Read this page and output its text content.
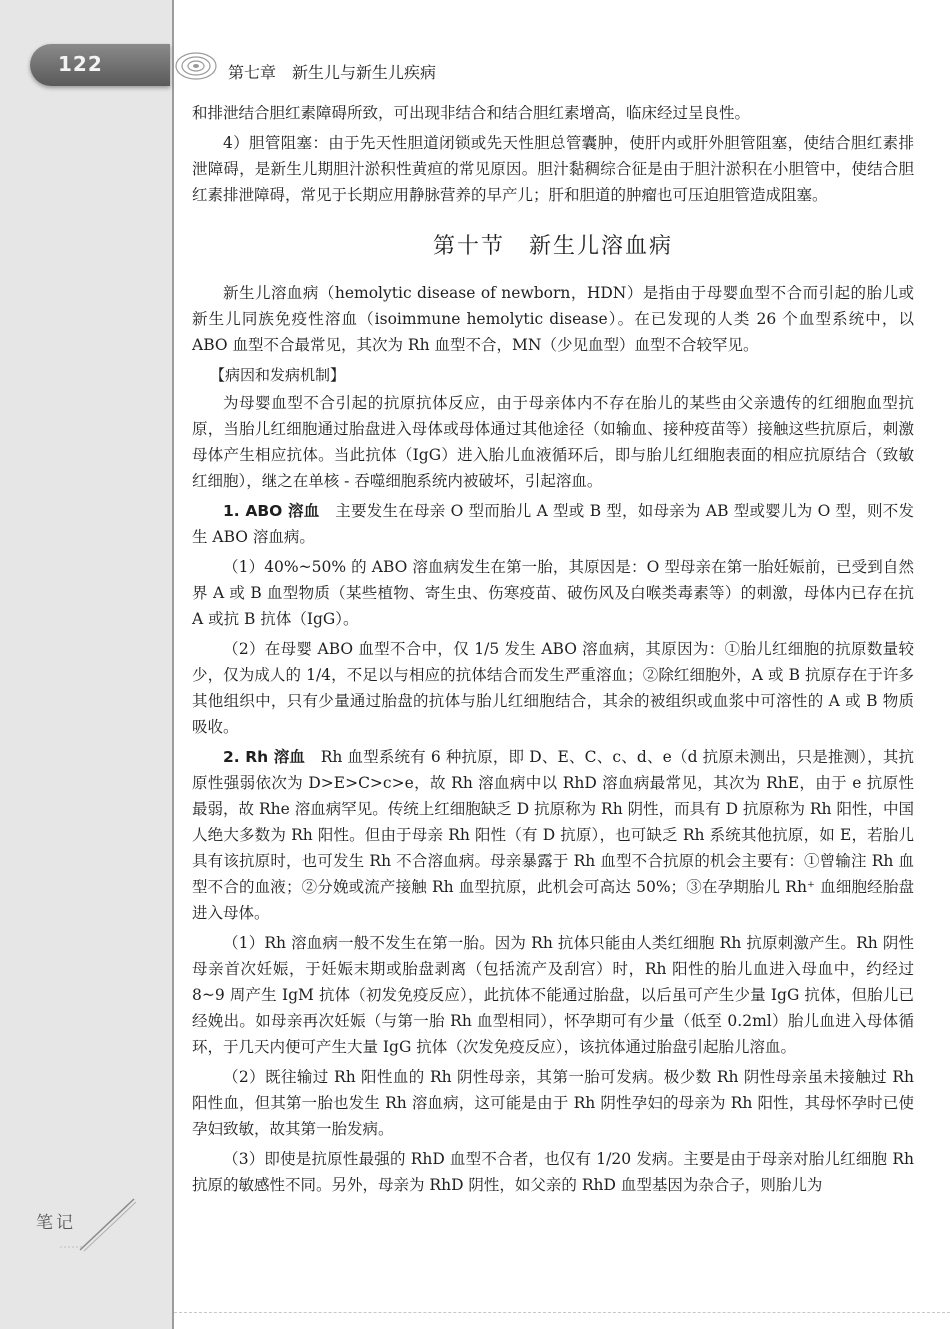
122	第七章　新生儿与新生儿疾病

和排泄结合胆红素障碍所致，可出现非结合和结合胆红素增高，临床经过呈良性。

4）胆管阻塞：由于先天性胆道闭锁或先天性胆总管囊肿，使肝内或肝外胆管阻塞，使结合胆红素排泄障碍，是新生儿期胆汁淤积性黄疸的常见原因。胆汁黏稠综合征是由于胆汁淤积在小胆管中，使结合胆红素排泄障碍，常见于长期应用静脉营养的早产儿；肝和胆道的肿瘤也可压迫胆管造成阻塞。

第十节　新生儿溶血病

新生儿溶血病（hemolytic disease of newborn，HDN）是指由于母婴血型不合而引起的胎儿或新生儿同族免疫性溶血（isoimmune hemolytic disease）。在已发现的人类 26 个血型系统中，以 ABO 血型不合最常见，其次为 Rh 血型不合，MN（少见血型）血型不合较罕见。

【病因和发病机制】

为母婴血型不合引起的抗原抗体反应，由于母亲体内不存在胎儿的某些由父亲遗传的红细胞血型抗原，当胎儿红细胞通过胎盘进入母体或母体通过其他途径（如输血、接种疫苗等）接触这些抗原后，刺激母体产生相应抗体。当此抗体（IgG）进入胎儿血液循环后，即与胎儿红细胞表面的相应抗原结合（致敏红细胞），继之在单核 - 吞噬细胞系统内被破坏，引起溶血。

1. ABO 溶血　 主要发生在母亲 O 型而胎儿 A 型或 B 型，如母亲为 AB 型或婴儿为 O 型，则不发生 ABO 溶血病。

（1）40%~50% 的 ABO 溶血病发生在第一胎，其原因是：O 型母亲在第一胎妊娠前，已受到自然界 A 或 B 血型物质（某些植物、寄生虫、伤寒疫苗、破伤风及白喉类毒素等）的刺激，母体内已存在抗 A 或抗 B 抗体（IgG）。

（2）在母婴 ABO 血型不合中，仅 1/5 发生 ABO 溶血病，其原因为：①胎儿红细胞的抗原数量较少，仅为成人的 1/4，不足以与相应的抗体结合而发生严重溶血；②除红细胞外，A 或 B 抗原存在于许多其他组织中，只有少量通过胎盘的抗体与胎儿红细胞结合，其余的被组织或血浆中可溶性的 A 或 B 物质吸收。

2. Rh 溶血　 Rh 血型系统有 6 种抗原，即 D、E、C、c、d、e（d 抗原未测出，只是推测），其抗原性强弱依次为 D>E>C>c>e，故 Rh 溶血病中以 RhD 溶血病最常见，其次为 RhE，由于 e 抗原性最弱，故 Rhe 溶血病罕见。传统上红细胞缺乏 D 抗原称为 Rh 阴性，而具有 D 抗原称为 Rh 阳性，中国人绝大多数为 Rh 阳性。但由于母亲 Rh 阳性（有 D 抗原），也可缺乏 Rh 系统其他抗原，如 E，若胎儿具有该抗原时，也可发生 Rh 不合溶血病。母亲暴露于 Rh 血型不合抗原的机会主要有：①曾输注 Rh 血型不合的血液；②分娩或流产接触 Rh 血型抗原，此机会可高达 50%；③在孕期胎儿 Rh⁺ 血细胞经胎盘进入母体。

（1）Rh 溶血病一般不发生在第一胎。因为 Rh 抗体只能由人类红细胞 Rh 抗原刺激产生。Rh 阴性母亲首次妊娠，于妊娠末期或胎盘剥离（包括流产及刮宫）时，Rh 阳性的胎儿血进入母血中，约经过 8~9 周产生 IgM 抗体（初发免疫反应），此抗体不能通过胎盘，以后虽可产生少量 IgG 抗体，但胎儿已经娩出。如母亲再次妊娠（与第一胎 Rh 血型相同），怀孕期可有少量（低至 0.2ml）胎儿血进入母体循环，于几天内便可产生大量 IgG 抗体（次发免疫反应），该抗体通过胎盘引起胎儿溶血。

（2）既往输过 Rh 阳性血的 Rh 阴性母亲，其第一胎可发病。极少数 Rh 阴性母亲虽未接触过 Rh 阳性血，但其第一胎也发生 Rh 溶血病，这可能是由于 Rh 阴性孕妇的母亲为 Rh 阳性，其母怀孕时已使孕妇致敏，故其第一胎发病。

（3）即使是抗原性最强的 RhD 血型不合者，也仅有 1/20 发病。主要是由于母亲对胎儿红细胞 Rh 抗原的敏感性不同。另外，母亲为 RhD 阴性，如父亲的 RhD 血型基因为杂合子，则胎儿为

笔记
